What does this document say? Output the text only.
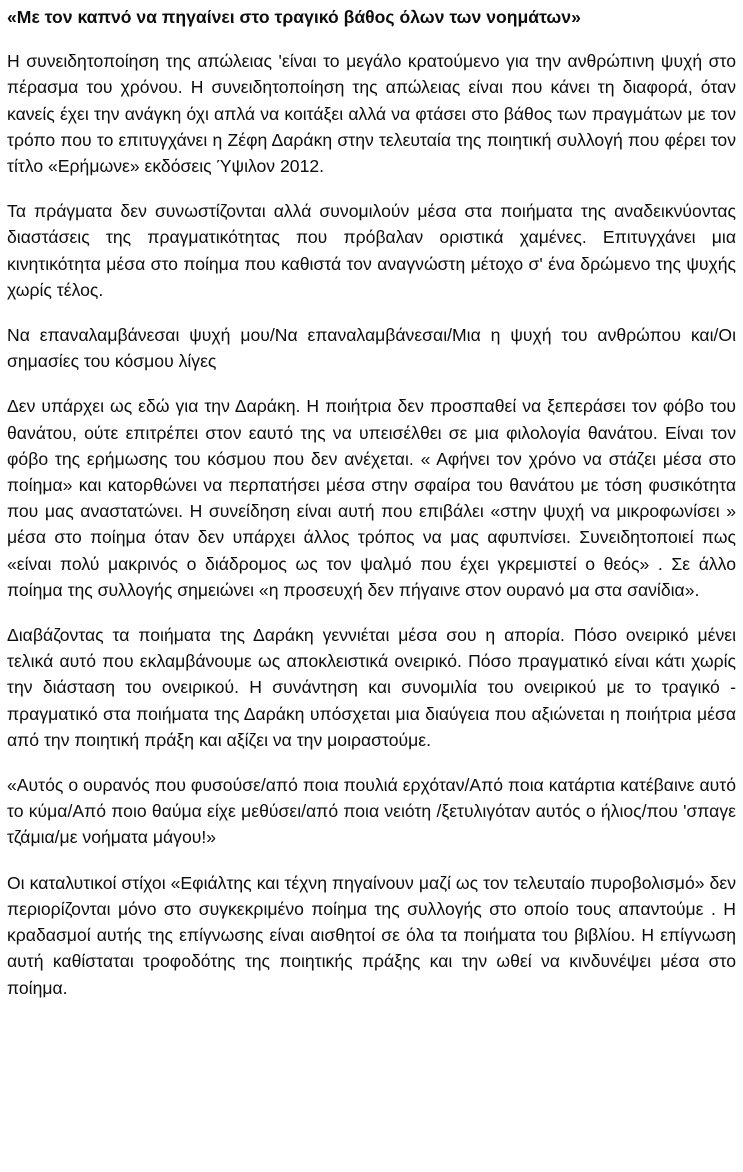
«Με τον καπνό να πηγαίνει στο τραγικό βάθος όλων των νοημάτων»

Η συνειδητοποίηση της απώλειας 'είναι το μεγάλο κρατούμενο για την ανθρώπινη ψυχή στο πέρασμα του χρόνου. Η συνειδητοποίηση της απώλειας είναι που κάνει τη διαφορά, όταν κανείς έχει την ανάγκη όχι απλά να κοιτάξει αλλά να φτάσει στο βάθος των πραγμάτων με τον τρόπο που το επιτυγχάνει η Ζέφη Δαράκη στην τελευταία της ποιητική συλλογή που φέρει τον τίτλο «Ερήμωνε» εκδόσεις Ύψιλον 2012.

Τα πράγματα δεν συνωστίζονται αλλά συνομιλούν μέσα στα ποιήματα της αναδεικνύοντας διαστάσεις της πραγματικότητας που πρόβαλαν οριστικά χαμένες. Επιτυγχάνει μια κινητικότητα μέσα στο ποίημα που καθιστά τον αναγνώστη μέτοχο σ' ένα δρώμενο της ψυχής χωρίς τέλος.

Να επαναλαμβάνεσαι ψυχή μου/Να επαναλαμβάνεσαι/Μια η ψυχή του ανθρώπου και/Οι σημασίες του κόσμου λίγες

Δεν υπάρχει ως εδώ για την Δαράκη. Η ποιήτρια δεν προσπαθεί να ξεπεράσει τον φόβο του θανάτου, ούτε επιτρέπει στον εαυτό της να υπεισέλθει σε μια φιλολογία θανάτου. Είναι τον φόβο της ερήμωσης του κόσμου που δεν ανέχεται. « Αφήνει τον χρόνο να στάζει μέσα στο ποίημα» και κατορθώνει να περπατήσει μέσα στην σφαίρα του θανάτου με τόση φυσικότητα που μας αναστατώνει. Η συνείδηση είναι αυτή που επιβάλει «στην ψυχή να μικροφωνίσει » μέσα στο ποίημα όταν δεν υπάρχει άλλος τρόπος να μας αφυπνίσει. Συνειδητοποιεί πως «είναι πολύ μακρινός ο διάδρομος ως τον ψαλμό που έχει γκρεμιστεί ο θεός» . Σε άλλο ποίημα της συλλογής σημειώνει «η προσευχή δεν πήγαινε στον ουρανό μα στα σανίδια».

Διαβάζοντας τα ποιήματα της Δαράκη γεννιέται μέσα σου η απορία. Πόσο ονειρικό μένει τελικά αυτό που εκλαμβάνουμε ως αποκλειστικά ονειρικό. Πόσο πραγματικό είναι κάτι χωρίς την διάσταση του ονειρικού. Η συνάντηση και συνομιλία του ονειρικού με το τραγικό - πραγματικό στα ποιήματα της Δαράκη υπόσχεται μια διαύγεια που αξιώνεται η ποιήτρια μέσα από την ποιητική πράξη και αξίζει να την μοιραστούμε.

«Αυτός ο ουρανός που φυσούσε/από ποια πουλιά ερχόταν/Από ποια κατάρτια κατέβαινε αυτό το κύμα/Από ποιο θαύμα είχε μεθύσει/από ποια νειότη /ξετυλιγόταν αυτός ο ήλιος/που 'σπαγε τζάμια/με νοήματα μάγου!»

Οι καταλυτικοί στίχοι «Εφιάλτης και τέχνη πηγαίνουν μαζί ως τον τελευταίο πυροβολισμό» δεν περιορίζονται μόνο στο συγκεκριμένο ποίημα της συλλογής στο οποίο τους απαντούμε . Η κραδασμοί αυτής της επίγνωσης είναι αισθητοί σε όλα τα ποιήματα του βιβλίου. Η επίγνωση αυτή καθίσταται τροφοδότης της ποιητικής πράξης και την ωθεί να κινδυνέψει μέσα στο ποίημα.
